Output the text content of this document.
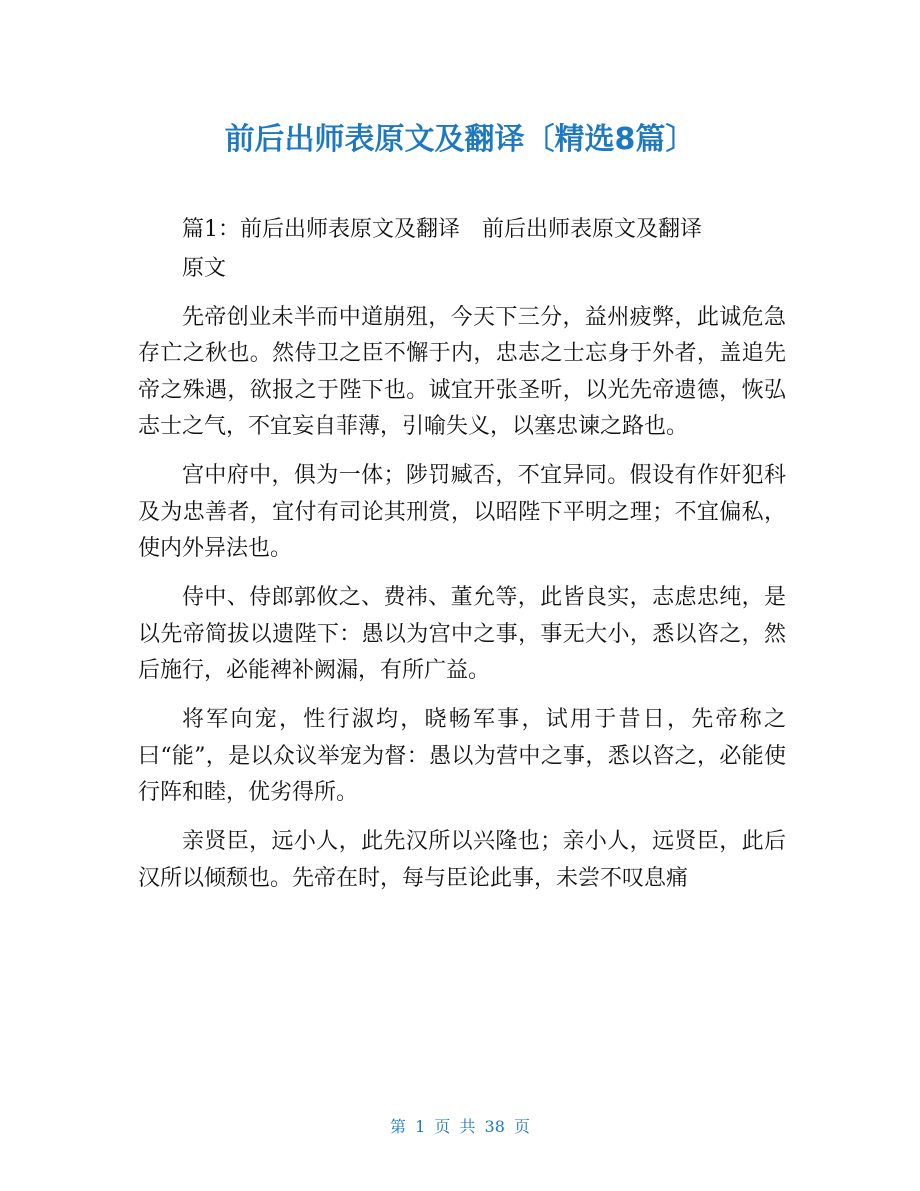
前后出师表原文及翻译〔精选8篇〕

篇1：前后出师表原文及翻译　前后出师表原文及翻译

原文

先帝创业未半而中道崩殂，今天下三分，益州疲弊，此诚危急存亡之秋也。然侍卫之臣不懈于内，忠志之士忘身于外者，盖追先帝之殊遇，欲报之于陛下也。诚宜开张圣听，以光先帝遗德，恢弘志士之气，不宜妄自菲薄，引喻失义，以塞忠谏之路也。

宫中府中，俱为一体；陟罚臧否，不宜异同。假设有作奸犯科及为忠善者，宜付有司论其刑赏，以昭陛下平明之理；不宜偏私，使内外异法也。

侍中、侍郎郭攸之、费祎、董允等，此皆良实，志虑忠纯，是以先帝简拔以遗陛下：愚以为宫中之事，事无大小，悉以咨之，然后施行，必能裨补阙漏，有所广益。

将军向宠，性行淑均，晓畅军事，试用于昔日，先帝称之曰“能”，是以众议举宠为督：愚以为营中之事，悉以咨之，必能使行阵和睦，优劣得所。

亲贤臣，远小人，此先汉所以兴隆也；亲小人，远贤臣，此后汉所以倾颓也。先帝在时，每与臣论此事，未尝不叹息痛

第 1 页 共 38 页
